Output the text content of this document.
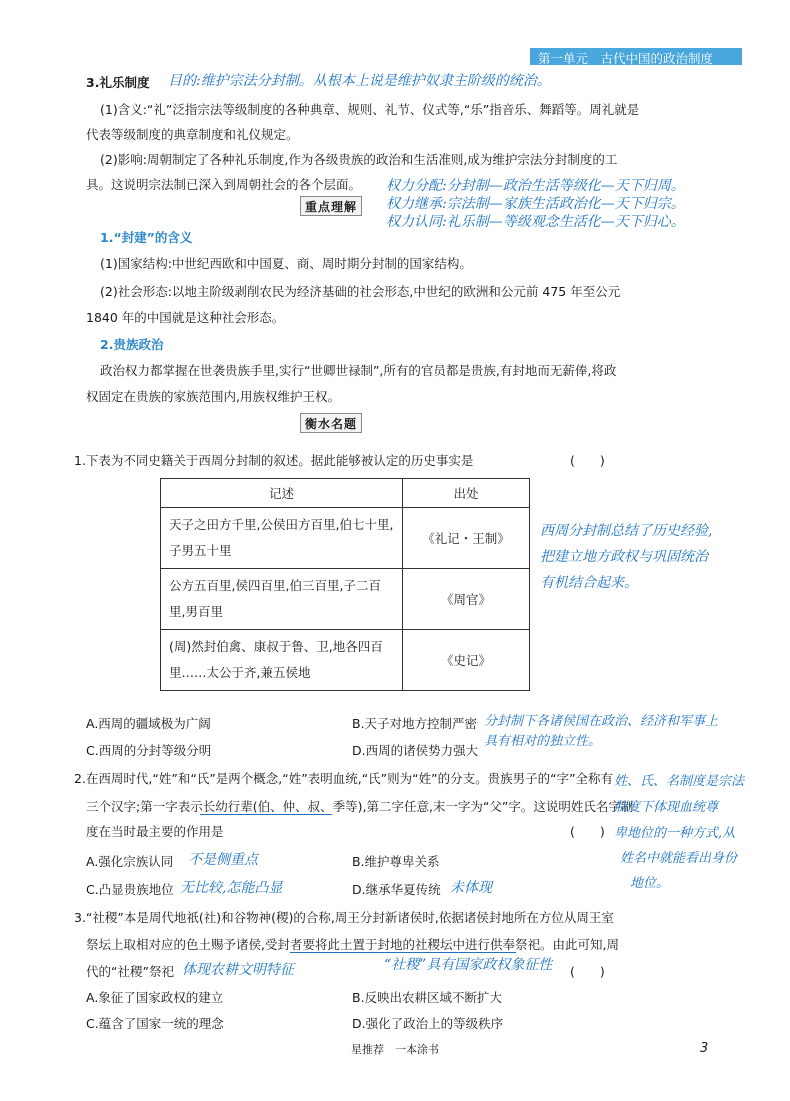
第一单元　古代中国的政治制度
3.礼乐制度 目的:维护宗法分封制。从根本上说是维护奴隶主阶级的统治。
(1)含义:“礼”泛指宗法等级制度的各种典章、规则、礼节、仪式等,“乐”指音乐、舞蹈等。周礼就是
代表等级制度的典章制度和礼仪规定。
(2)影响:周朝制定了各种礼乐制度,作为各级贵族的政治和生活准则,成为维护宗法分封制度的工
具。这说明宗法制已深入到周朝社会的各个层面。 权力分配:分封制—政治生活等级化—天下归周。
重点理解	权力继承:宗法制—家族生活政治化—天下归宗。
权力认同:礼乐制—等级观念生活化—天下归心。
1.“封建”的含义
(1)国家结构:中世纪西欧和中国夏、商、周时期分封制的国家结构。
(2)社会形态:以地主阶级剥削农民为经济基础的社会形态,中世纪的欧洲和公元前 475 年至公元
1840 年的中国就是这种社会形态。
2.贵族政治
政治权力都掌握在世袭贵族手里,实行“世卿世禄制”,所有的官员都是贵族,有封地而无薪俸,将政
权固定在贵族的家族范围内,用族权维护王权。
衡水名题
1.下表为不同史籍关于西周分封制的叙述。据此能够被认定的历史事实是	(　　)
记述	出处
天子之田方千里,公侯田方百里,伯七十里,
子男五十里	《礼记・王制》
公方五百里,侯四百里,伯三百里,子二百
里,男百里	《周官》
(周)然封伯禽、康叔于鲁、卫,地各四百
里……太公于齐,兼五侯地	《史记》
西周分封制总结了历史经验,
把建立地方政权与巩固统治
有机结合起来。
A.西周的疆域极为广阔	B.天子对地方控制严密 分封制下各诸侯国在政治、经济和军事上
C.西周的分封等级分明	D.西周的诸侯势力强大
具有相对的独立性。
2.在西周时代,“姓”和“氏”是两个概念,“姓”表明血统,“氏”则为“姓”的分支。贵族男子的“字”全称有 姓、氏、名制度是宗法
三个汉字;第一字表示长幼行辈(伯、仲、叔、季等),第二字任意,末一字为“父”字。这说明姓氏名字制
制度下体现血统尊
度在当时最主要的作用是	(　　) 卑地位的一种方式,从
姓名中就能看出身份
地位。
A.强化宗族认同 不是侧重点	B.维护尊卑关系
C.凸显贵族地位 无比较,怎能凸显	D.继承华夏传统 未体现
3.“社稷”本是周代地祇(社)和谷物神(稷)的合称,周王分封新诸侯时,依据诸侯封地所在方位从周王室
祭坛上取相对应的色土赐予诸侯,受封者要将此土置于封地的社稷坛中进行供奉祭祀。由此可知,周
代的“社稷”祭祀 体现农耕文明特征	“社稷”具有国家政权象征性 (　　)
A.象征了国家政权的建立	B.反映出农耕区域不断扩大
C.蕴含了国家一统的理念	D.强化了政治上的等级秩序
星推荐　一本涂书	3
